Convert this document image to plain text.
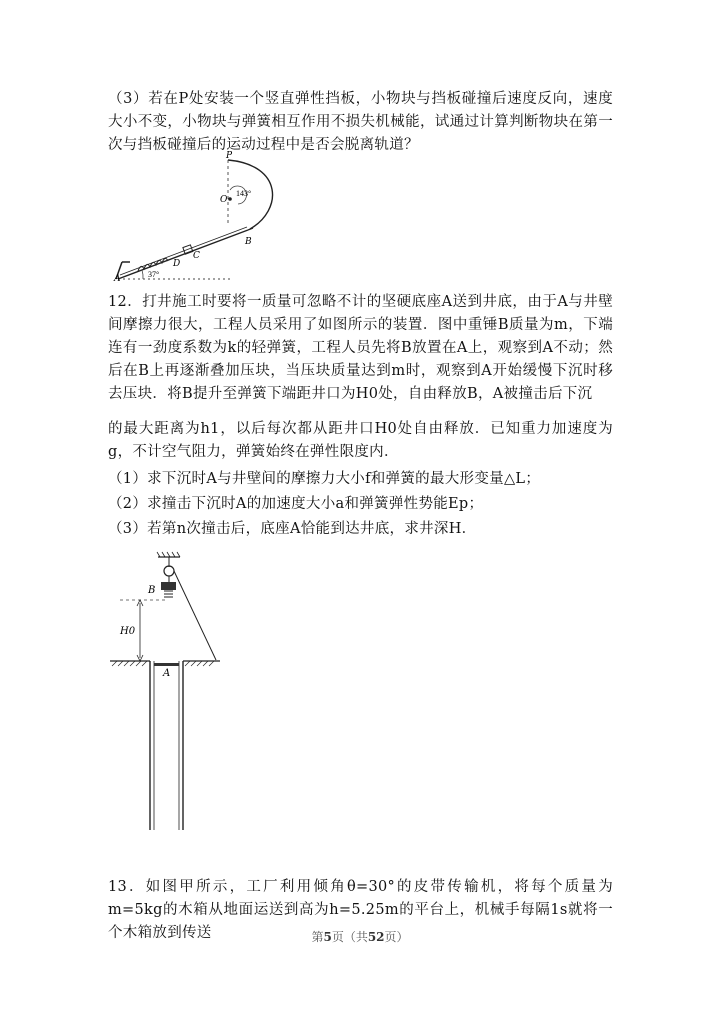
（3）若在P处安装一个竖直弹性挡板，小物块与挡板碰撞后速度反向，速度大小不变，小物块与弹簧相互作用不损失机械能，试通过计算判断物块在第一次与挡板碰撞后的运动过程中是否会脱离轨道？
P
O
143°
B
C
D
A	37°
12．打井施工时要将一质量可忽略不计的坚硬底座A送到井底，由于A与井壁间摩擦力很大，工程人员采用了如图所示的装置．图中重锤B质量为m，下端连有一劲度系数为k的轻弹簧，工程人员先将B放置在A上，观察到A不动；然后在B上再逐渐叠加压块，当压块质量达到m时，观察到A开始缓慢下沉时移去压块．将B提升至弹簧下端距井口为H0处，自由释放B，A被撞击后下沉
的最大距离为h1，以后每次都从距井口H0处自由释放．已知重力加速度为g，不计空气阻力，弹簧始终在弹性限度内．
（1）求下沉时A与井壁间的摩擦力大小f和弹簧的最大形变量△L；
（2）求撞击下沉时A的加速度大小a和弹簧弹性势能Ep；
（3）若第n次撞击后，底座A恰能到达井底，求井深H．
B
H0
A
13．如图甲所示，工厂利用倾角θ=30°的皮带传输机，将每个质量为m=5kg的木箱从地面运送到高为h=5.25m的平台上，机械手每隔1s就将一个木箱放到传送	第5页（共52页）
